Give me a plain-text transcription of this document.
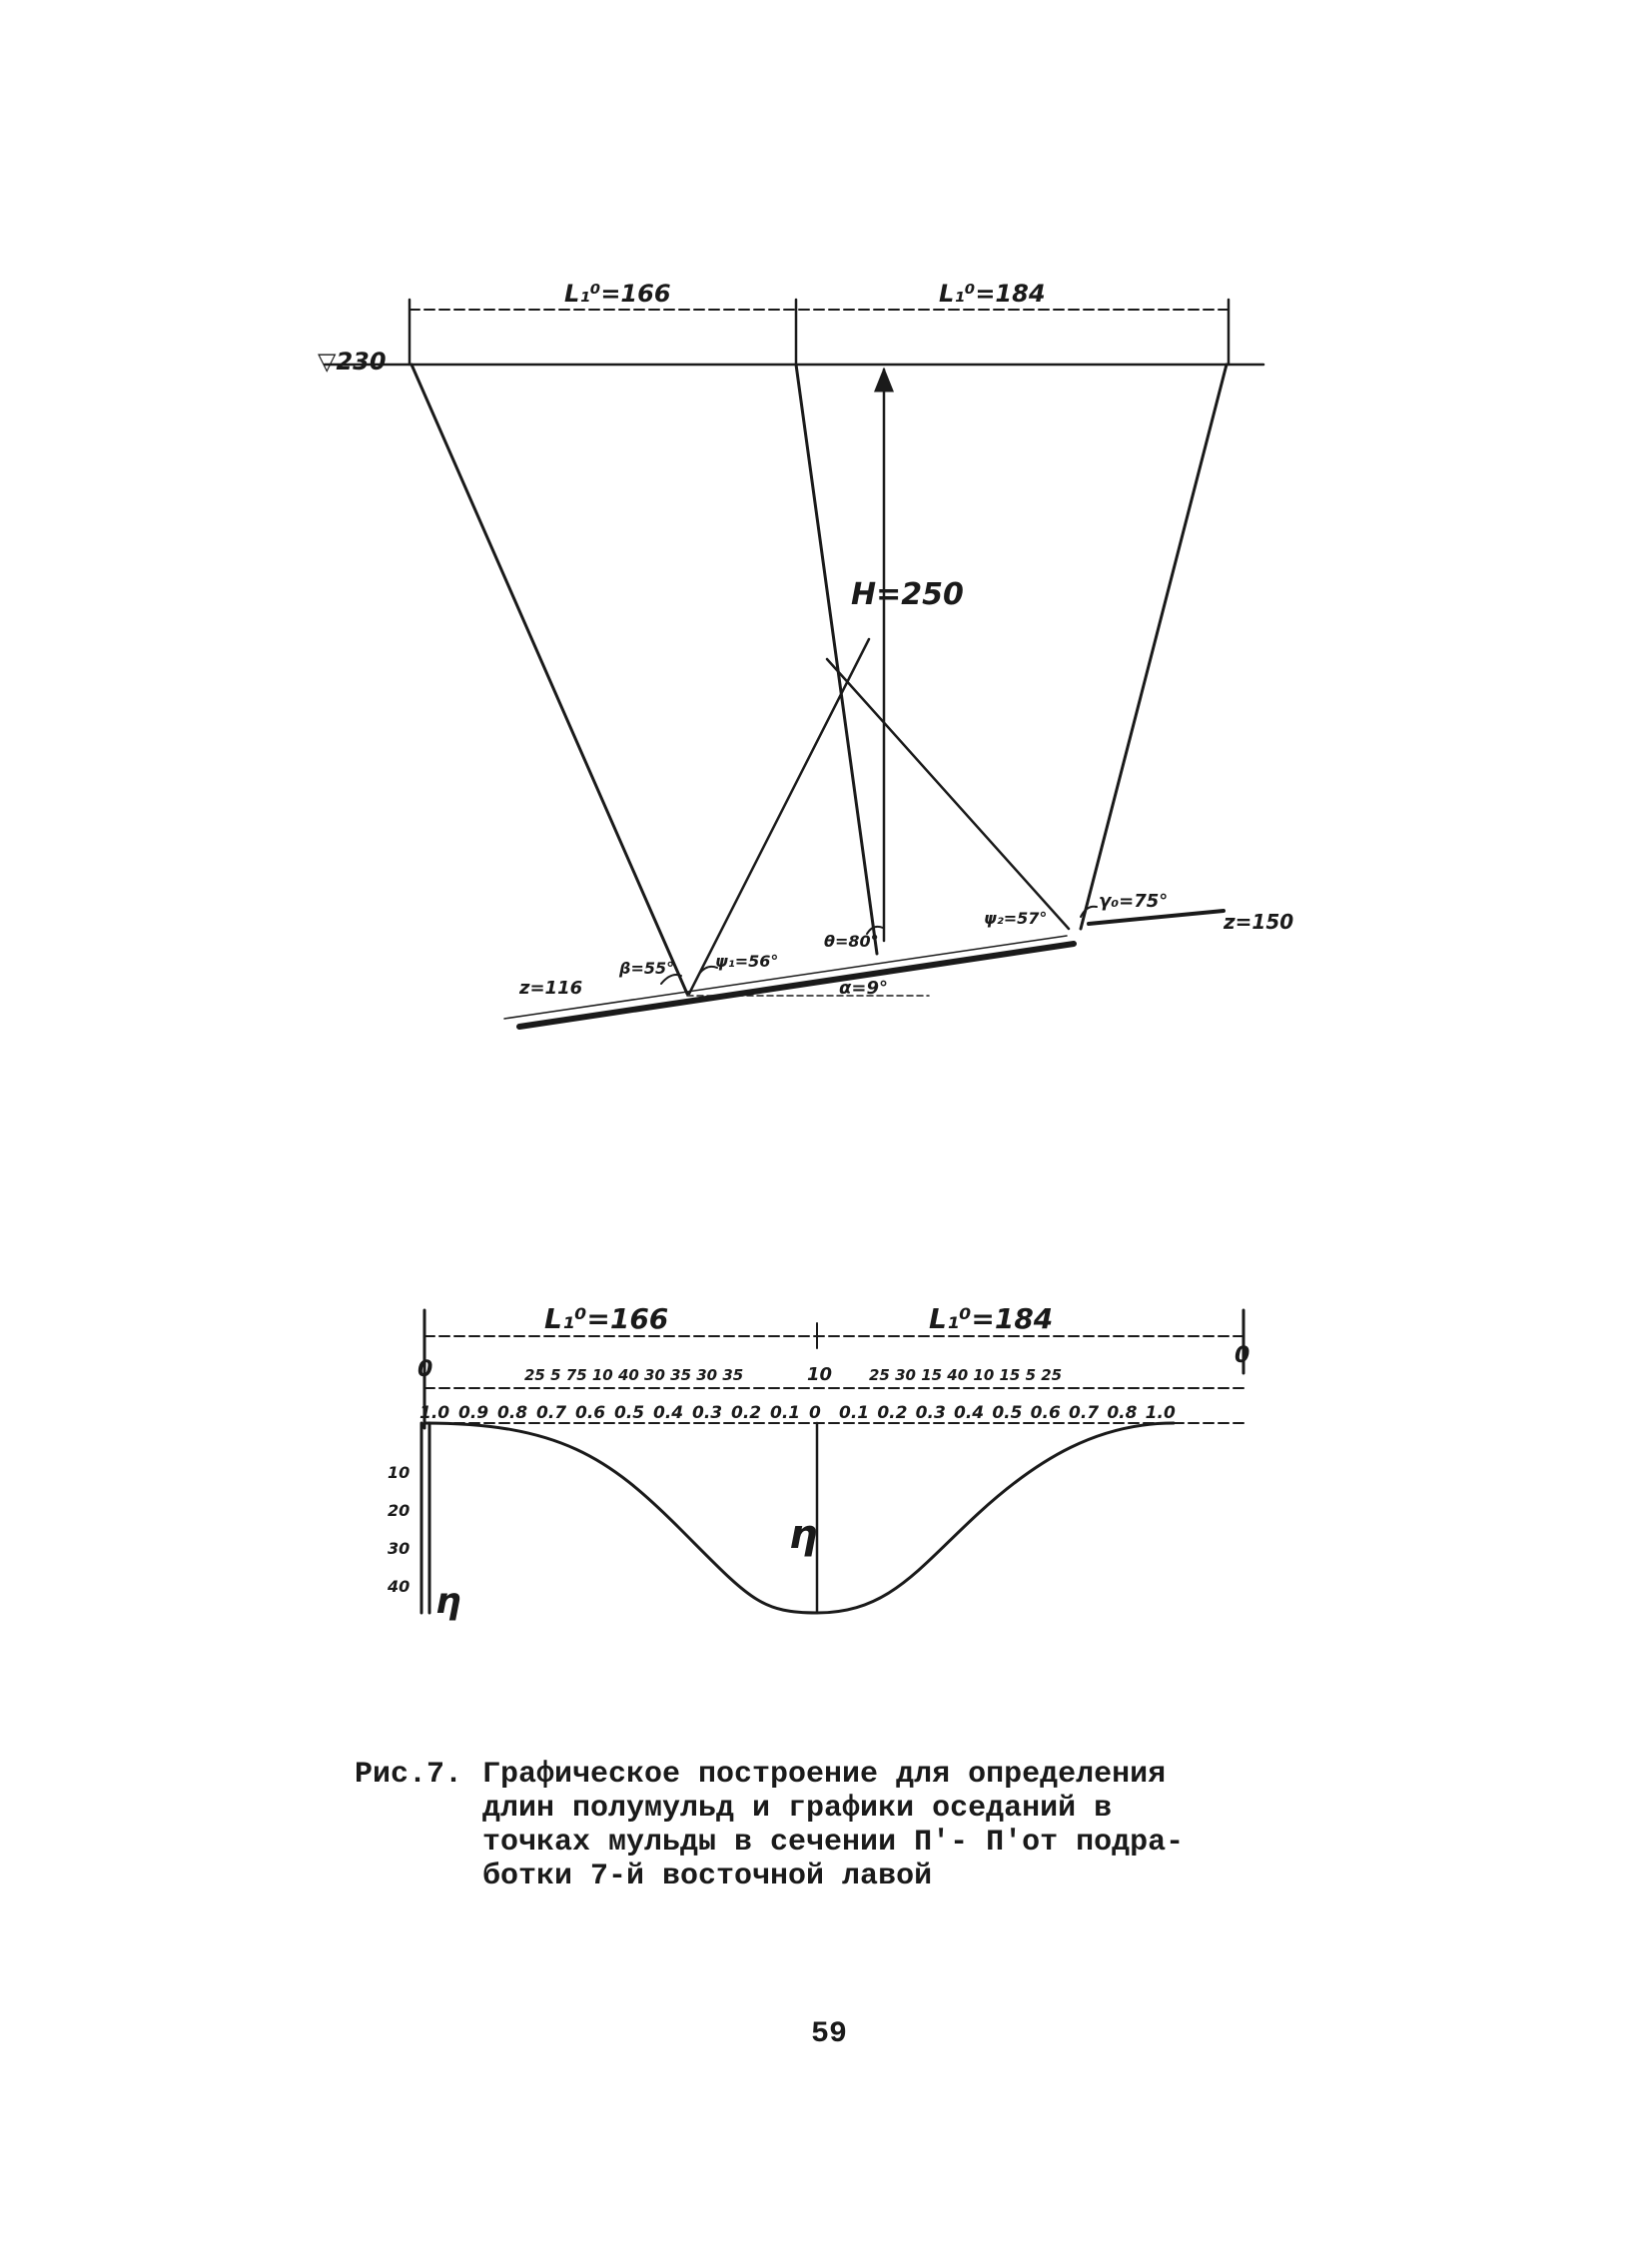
▽230
L₁⁰=166	L₁⁰=184
H=250
z=116
z=150
β=55°	ψ₁=56°
θ=80°
ψ₂=57°
γ₀=75°
α=9°
L₁⁰=166	L₁⁰=184
0
0
10
25 5 75 10 40 30 35 30 35	25 30 15 40 10 15 5 25
1.0 0.9 0.8 0.7 0.6 0.5 0.4 0.3 0.2 0.1 0 0.1 0.2 0.3 0.4 0.5 0.6 0.7 0.8 1.0
η
10
20
30
40 η
Рис.7. Графическое построение для определения
длин полумульд и графики оседаний в
точках мульды в сечении П'- П'от подра-
ботки 7-й восточной лавой
59
